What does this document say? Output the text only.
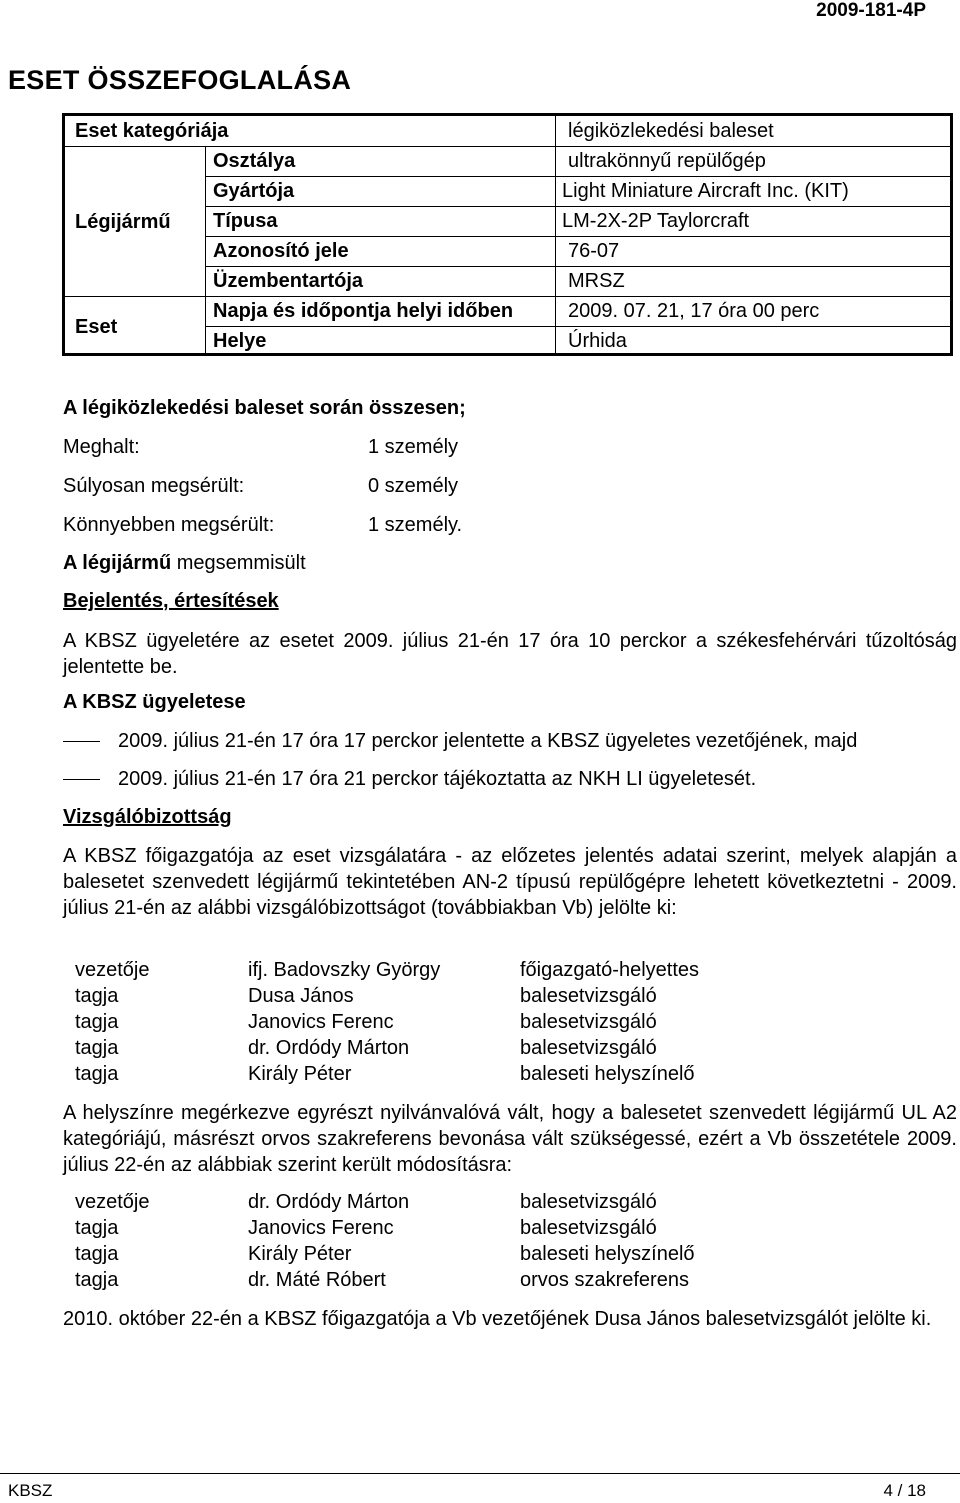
2009-181-4P
ESET ÖSSZEFOGLALÁSA
Eset kategóriája	légiközlekedési baleset
Légijármű
Osztálya	ultrakönnyű repülőgép
Gyártója	Light Miniature Aircraft Inc. (KIT)
Típusa	LM-2X-2P Taylorcraft
Azonosító jele	76-07
Üzembentartója	MRSZ
Eset
Napja és időpontja helyi időben	2009. 07. 21, 17 óra 00 perc
Helye	Úrhida
A légiközlekedési baleset során összesen;
Meghalt:	1 személy
Súlyosan megsérült:	0 személy
Könnyebben megsérült:	1 személy.
A légijármű megsemmisült
Bejelentés, értesítések
A KBSZ ügyeletére az esetet 2009. július 21-én 17 óra 10 perckor a székesfehérvári tűzoltóság jelentette be.
A KBSZ ügyeletese
2009. július 21-én 17 óra 17 perckor jelentette a KBSZ ügyeletes vezetőjének, majd
2009. július 21-én 17 óra 21 perckor tájékoztatta az NKH LI ügyeletesét.
Vizsgálóbizottság
A KBSZ főigazgatója az eset vizsgálatára - az előzetes jelentés adatai szerint, melyek alapján a balesetet szenvedett légijármű tekintetében AN-2 típusú repülőgépre lehetett következtetni - 2009. július 21-én az alábbi vizsgálóbizottságot (továbbiakban Vb) jelölte ki:
vezetője	ifj. Badovszky György	főigazgató-helyettes
tagja	Dusa János	balesetvizsgáló
tagja	Janovics Ferenc	balesetvizsgáló
tagja	dr. Ordódy Márton	balesetvizsgáló
tagja	Király Péter	baleseti helyszínelő
A helyszínre megérkezve egyrészt nyilvánvalóvá vált, hogy a balesetet szenvedett légijármű UL A2 kategóriájú, másrészt orvos szakreferens bevonása vált szükségessé, ezért a Vb összetétele 2009. július 22-én az alábbiak szerint került módosításra:
vezetője	dr. Ordódy Márton	balesetvizsgáló
tagja	Janovics Ferenc	balesetvizsgáló
tagja	Király Péter	baleseti helyszínelő
tagja	dr. Máté Róbert	orvos szakreferens
2010. október 22-én a KBSZ főigazgatója a Vb vezetőjének Dusa János balesetvizsgálót jelölte ki.
KBSZ	4 / 18
